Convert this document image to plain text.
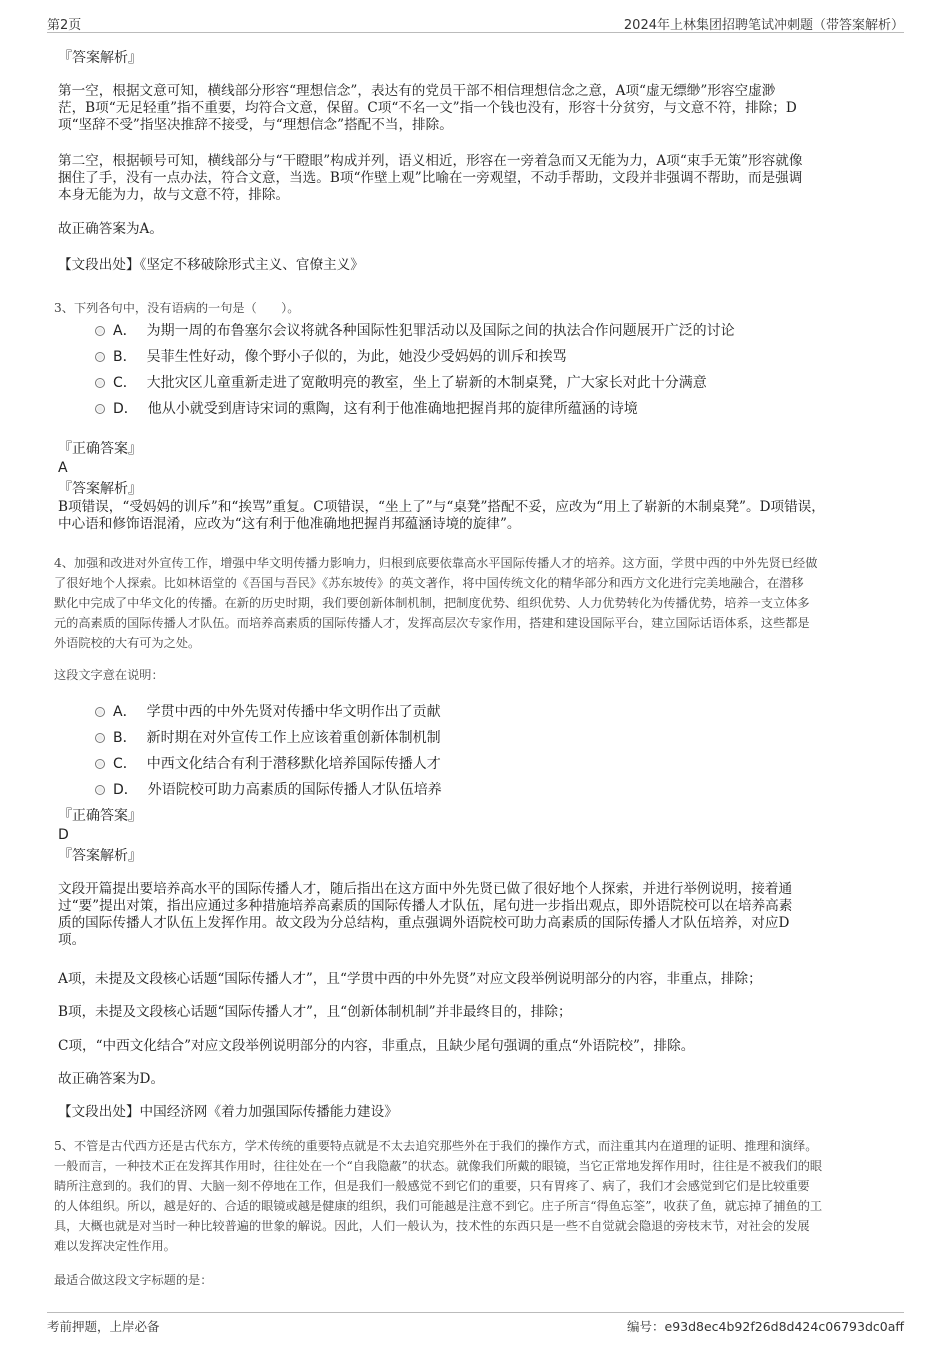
第2页	2024年上林集团招聘笔试冲刺题（带答案解析）
『答案解析』
第一空，根据文意可知，横线部分形容“理想信念”，表达有的党员干部不相信理想信念之意，A项“虚无缥缈”形容空虚渺
茫，B项“无足轻重”指不重要，均符合文意，保留。C项“不名一文”指一个钱也没有，形容十分贫穷，与文意不符，排除；D
项“坚辞不受”指坚决推辞不接受，与“理想信念”搭配不当，排除。
第二空，根据顿号可知，横线部分与“干瞪眼”构成并列，语义相近，形容在一旁着急而又无能为力，A项“束手无策”形容就像
捆住了手，没有一点办法，符合文意，当选。B项“作壁上观”比喻在一旁观望，不动手帮助，文段并非强调不帮助，而是强调
本身无能为力，故与文意不符，排除。
故正确答案为A。
【文段出处】《坚定不移破除形式主义、官僚主义》
3、下列各句中，没有语病的一句是（　　）。
A． 为期一周的布鲁塞尔会议将就各种国际性犯罪活动以及国际之间的执法合作问题展开广泛的讨论
B． 吴菲生性好动，像个野小子似的，为此，她没少受妈妈的训斥和挨骂
C． 大批灾区儿童重新走进了宽敞明亮的教室，坐上了崭新的木制桌凳，广大家长对此十分满意
D． 他从小就受到唐诗宋词的熏陶，这有利于他准确地把握肖邦的旋律所蕴涵的诗境
『正确答案』
A
『答案解析』
B项错误，“受妈妈的训斥”和“挨骂”重复。C项错误，“坐上了”与“桌凳”搭配不妥，应改为“用上了崭新的木制桌凳”。D项错误，
中心语和修饰语混淆，应改为“这有利于他准确地把握肖邦蕴涵诗境的旋律”。
4、加强和改进对外宣传工作，增强中华文明传播力影响力，归根到底要依靠高水平国际传播人才的培养。这方面，学贯中西的中外先贤已经做
了很好地个人探索。比如林语堂的《吾国与吾民》《苏东坡传》的英文著作，将中国传统文化的精华部分和西方文化进行完美地融合，在潜移
默化中完成了中华文化的传播。在新的历史时期，我们要创新体制机制，把制度优势、组织优势、人力优势转化为传播优势，培养一支立体多
元的高素质的国际传播人才队伍。而培养高素质的国际传播人才，发挥高层次专家作用，搭建和建设国际平台，建立国际话语体系，这些都是
外语院校的大有可为之处。
这段文字意在说明：
A． 学贯中西的中外先贤对传播中华文明作出了贡献
B． 新时期在对外宣传工作上应该着重创新体制机制
C． 中西文化结合有利于潜移默化培养国际传播人才
D． 外语院校可助力高素质的国际传播人才队伍培养
『正确答案』
D
『答案解析』
文段开篇提出要培养高水平的国际传播人才，随后指出在这方面中外先贤已做了很好地个人探索，并进行举例说明，接着通
过“要”提出对策，指出应通过多种措施培养高素质的国际传播人才队伍，尾句进一步指出观点，即外语院校可以在培养高素
质的国际传播人才队伍上发挥作用。故文段为分总结构，重点强调外语院校可助力高素质的国际传播人才队伍培养，对应D
项。
A项，未提及文段核心话题“国际传播人才”，且“学贯中西的中外先贤”对应文段举例说明部分的内容，非重点，排除；
B项，未提及文段核心话题“国际传播人才”，且“创新体制机制”并非最终目的，排除；
C项，“中西文化结合”对应文段举例说明部分的内容，非重点，且缺少尾句强调的重点“外语院校”，排除。
故正确答案为D。
【文段出处】中国经济网《着力加强国际传播能力建设》
5、不管是古代西方还是古代东方，学术传统的重要特点就是不太去追究那些外在于我们的操作方式，而注重其内在道理的证明、推理和演绎。
一般而言，一种技术正在发挥其作用时，往往处在一个“自我隐蔽”的状态。就像我们所戴的眼镜，当它正常地发挥作用时，往往是不被我们的眼
睛所注意到的。我们的胃、大脑一刻不停地在工作，但是我们一般感觉不到它们的重要，只有胃疼了、病了，我们才会感觉到它们是比较重要
的人体组织。所以，越是好的、合适的眼镜或越是健康的组织，我们可能越是注意不到它。庄子所言“得鱼忘筌”，收获了鱼，就忘掉了捕鱼的工
具，大概也就是对当时一种比较普遍的世象的解说。因此，人们一般认为，技术性的东西只是一些不自觉就会隐退的旁枝末节，对社会的发展
难以发挥决定性作用。
最适合做这段文字标题的是：
考前押题，上岸必备	编号：e93d8ec4b92f26d8d424c06793dc0aff
